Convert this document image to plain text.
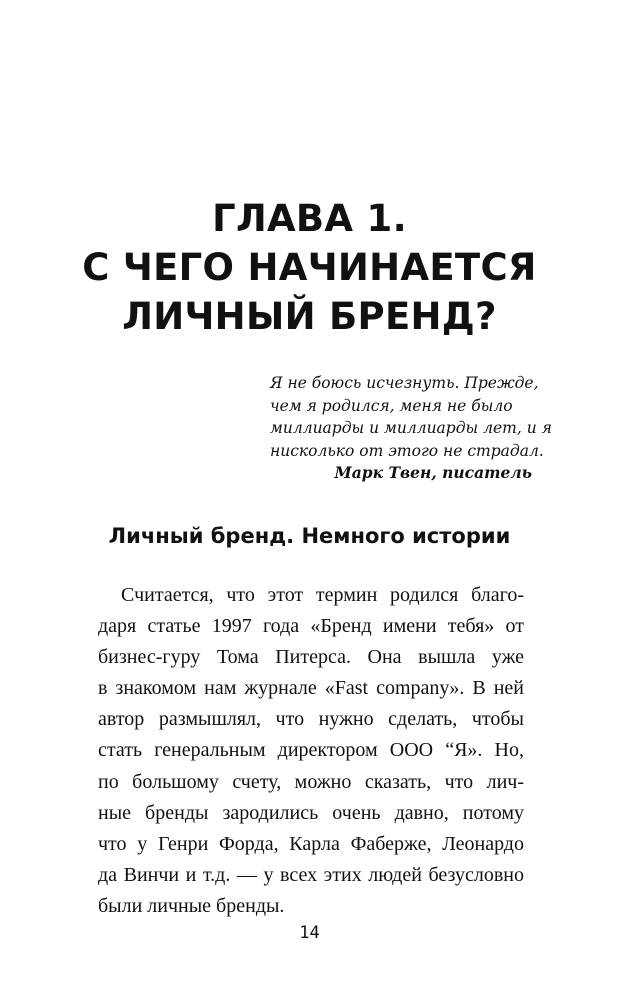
ГЛАВА 1.
С ЧЕГО НАЧИНАЕТСЯ
ЛИЧНЫЙ БРЕНД?
Я не боюсь исчезнуть. Прежде,
чем я родился, меня не было
миллиарды и миллиарды лет, и я
нисколько от этого не страдал.
Марк Твен, писатель
Личный бренд. Немного истории
Считается, что этот термин родился благо-
даря статье 1997 года «Бренд имени тебя» от
бизнес-гуру Тома Питерса. Она вышла уже
в знакомом нам журнале «Fast company». В ней
автор размышлял, что нужно сделать, чтобы
стать генеральным директором ООО “Я». Но,
по большому счету, можно сказать, что лич-
ные бренды зародились очень давно, потому
что у Генри Форда, Карла Фаберже, Леонардо
да Винчи и т.д. — у всех этих людей безусловно
были личные бренды.
14
